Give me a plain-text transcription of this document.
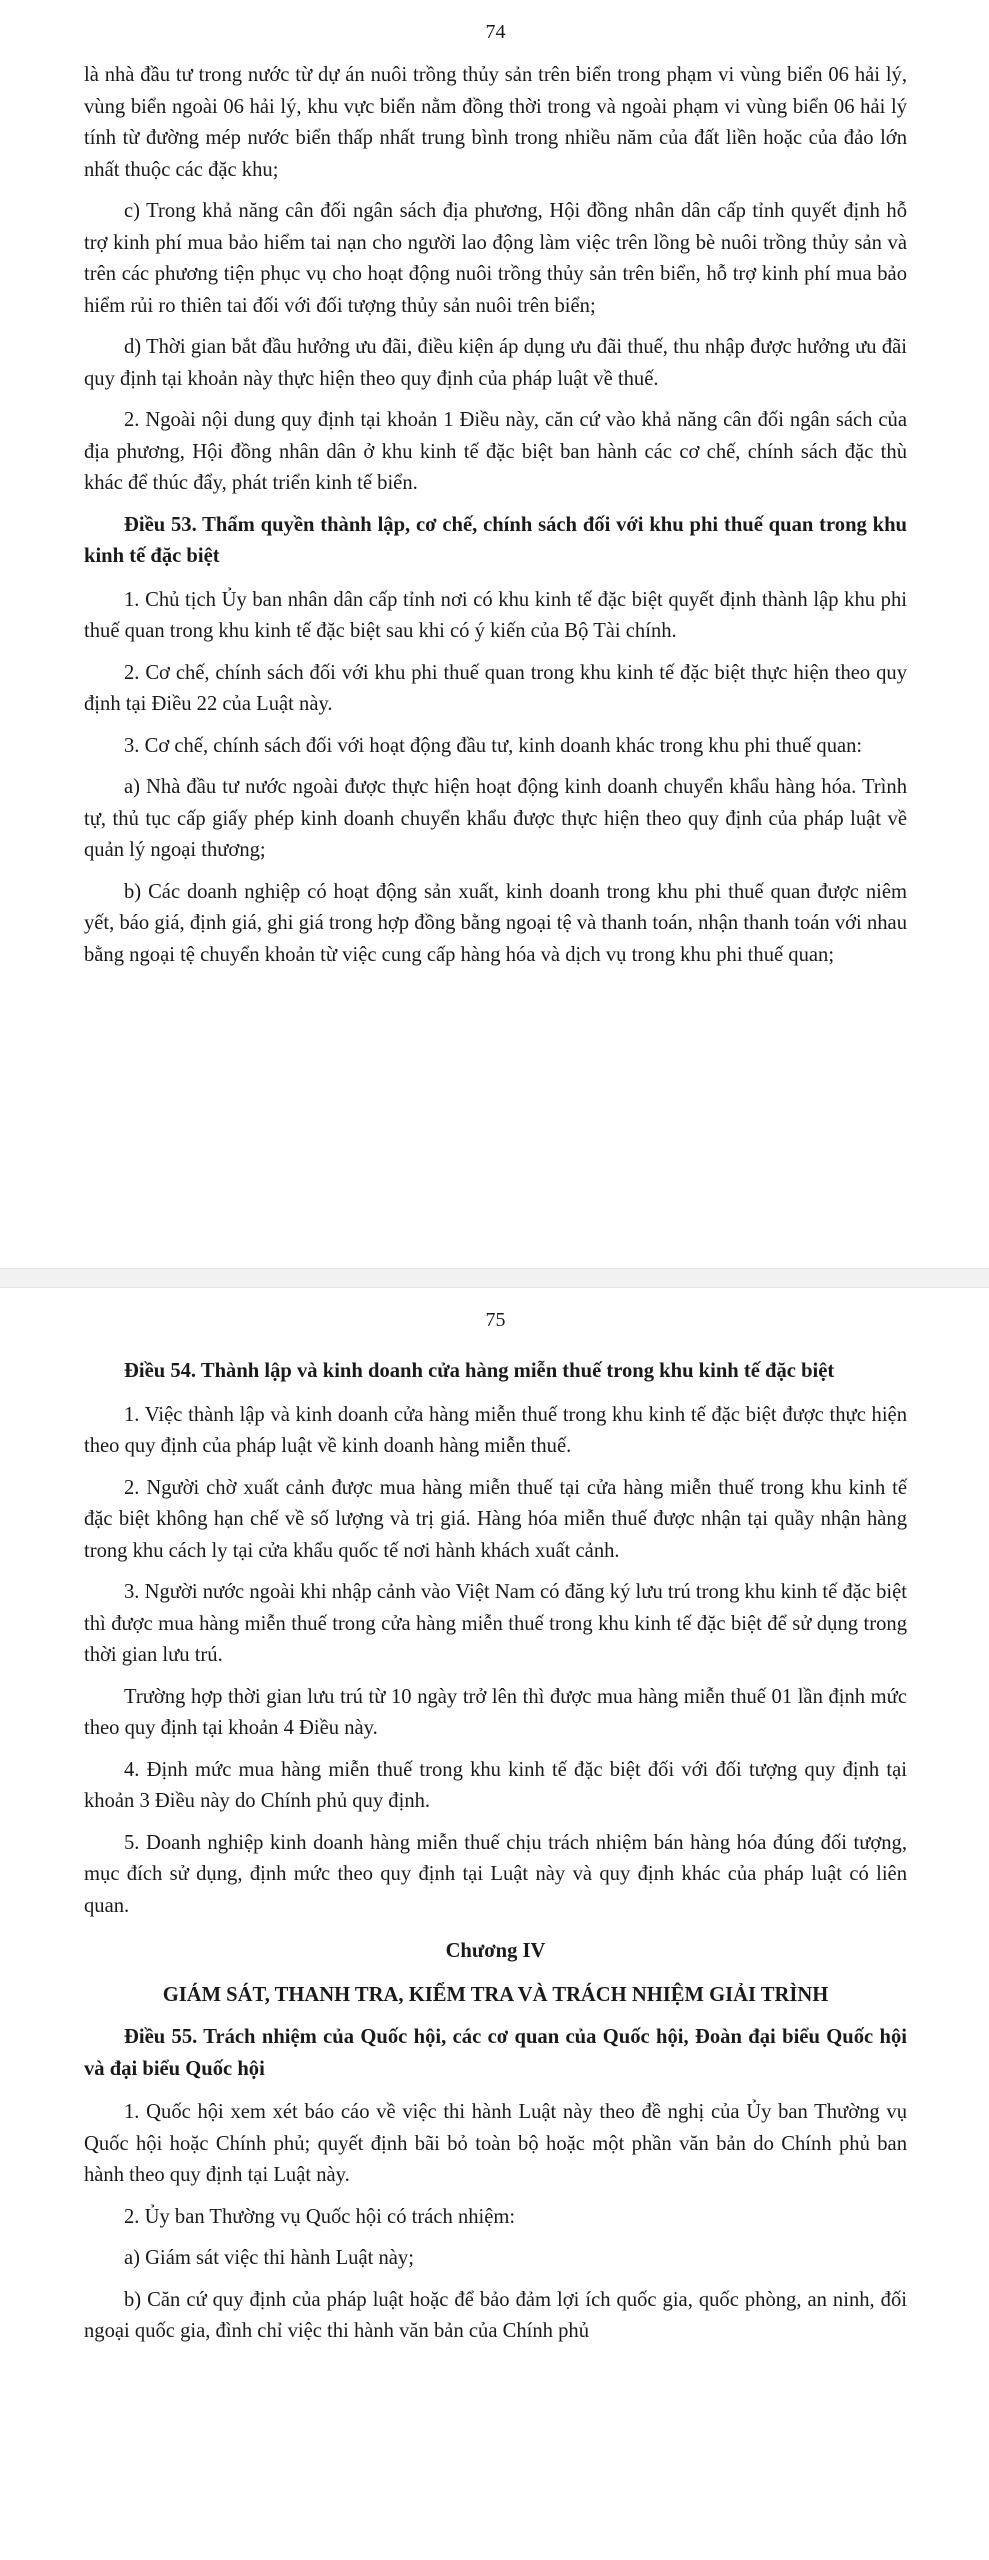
74

là nhà đầu tư trong nước từ dự án nuôi trồng thủy sản trên biển trong phạm vi vùng biển 06 hải lý, vùng biển ngoài 06 hải lý, khu vực biển nằm đồng thời trong và ngoài phạm vi vùng biển 06 hải lý tính từ đường mép nước biển thấp nhất trung bình trong nhiều năm của đất liền hoặc của đảo lớn nhất thuộc các đặc khu;

c) Trong khả năng cân đối ngân sách địa phương, Hội đồng nhân dân cấp tỉnh quyết định hỗ trợ kinh phí mua bảo hiểm tai nạn cho người lao động làm việc trên lồng bè nuôi trồng thủy sản và trên các phương tiện phục vụ cho hoạt động nuôi trồng thủy sản trên biển, hỗ trợ kinh phí mua bảo hiểm rủi ro thiên tai đối với đối tượng thủy sản nuôi trên biển;

d) Thời gian bắt đầu hưởng ưu đãi, điều kiện áp dụng ưu đãi thuế, thu nhập được hưởng ưu đãi quy định tại khoản này thực hiện theo quy định của pháp luật về thuế.

2. Ngoài nội dung quy định tại khoản 1 Điều này, căn cứ vào khả năng cân đối ngân sách của địa phương, Hội đồng nhân dân ở khu kinh tế đặc biệt ban hành các cơ chế, chính sách đặc thù khác để thúc đẩy, phát triển kinh tế biển.

Điều 53. Thẩm quyền thành lập, cơ chế, chính sách đối với khu phi thuế quan trong khu kinh tế đặc biệt

1. Chủ tịch Ủy ban nhân dân cấp tỉnh nơi có khu kinh tế đặc biệt quyết định thành lập khu phi thuế quan trong khu kinh tế đặc biệt sau khi có ý kiến của Bộ Tài chính.

2. Cơ chế, chính sách đối với khu phi thuế quan trong khu kinh tế đặc biệt thực hiện theo quy định tại Điều 22 của Luật này.

3. Cơ chế, chính sách đối với hoạt động đầu tư, kinh doanh khác trong khu phi thuế quan:

a) Nhà đầu tư nước ngoài được thực hiện hoạt động kinh doanh chuyển khẩu hàng hóa. Trình tự, thủ tục cấp giấy phép kinh doanh chuyển khẩu được thực hiện theo quy định của pháp luật về quản lý ngoại thương;

b) Các doanh nghiệp có hoạt động sản xuất, kinh doanh trong khu phi thuế quan được niêm yết, báo giá, định giá, ghi giá trong hợp đồng bằng ngoại tệ và thanh toán, nhận thanh toán với nhau bằng ngoại tệ chuyển khoản từ việc cung cấp hàng hóa và dịch vụ trong khu phi thuế quan;

75

Điều 54. Thành lập và kinh doanh cửa hàng miễn thuế trong khu kinh tế đặc biệt

1. Việc thành lập và kinh doanh cửa hàng miễn thuế trong khu kinh tế đặc biệt được thực hiện theo quy định của pháp luật về kinh doanh hàng miễn thuế.

2. Người chờ xuất cảnh được mua hàng miễn thuế tại cửa hàng miễn thuế trong khu kinh tế đặc biệt không hạn chế về số lượng và trị giá. Hàng hóa miễn thuế được nhận tại quầy nhận hàng trong khu cách ly tại cửa khẩu quốc tế nơi hành khách xuất cảnh.

3. Người nước ngoài khi nhập cảnh vào Việt Nam có đăng ký lưu trú trong khu kinh tế đặc biệt thì được mua hàng miễn thuế trong cửa hàng miễn thuế trong khu kinh tế đặc biệt để sử dụng trong thời gian lưu trú.

Trường hợp thời gian lưu trú từ 10 ngày trở lên thì được mua hàng miễn thuế 01 lần định mức theo quy định tại khoản 4 Điều này.

4. Định mức mua hàng miễn thuế trong khu kinh tế đặc biệt đối với đối tượng quy định tại khoản 3 Điều này do Chính phủ quy định.

5. Doanh nghiệp kinh doanh hàng miễn thuế chịu trách nhiệm bán hàng hóa đúng đối tượng, mục đích sử dụng, định mức theo quy định tại Luật này và quy định khác của pháp luật có liên quan.

Chương IV

GIÁM SÁT, THANH TRA, KIỂM TRA VÀ TRÁCH NHIỆM GIẢI TRÌNH

Điều 55. Trách nhiệm của Quốc hội, các cơ quan của Quốc hội, Đoàn đại biểu Quốc hội và đại biểu Quốc hội

1. Quốc hội xem xét báo cáo về việc thi hành Luật này theo đề nghị của Ủy ban Thường vụ Quốc hội hoặc Chính phủ; quyết định bãi bỏ toàn bộ hoặc một phần văn bản do Chính phủ ban hành theo quy định tại Luật này.

2. Ủy ban Thường vụ Quốc hội có trách nhiệm:

a) Giám sát việc thi hành Luật này;

b) Căn cứ quy định của pháp luật hoặc để bảo đảm lợi ích quốc gia, quốc phòng, an ninh, đối ngoại quốc gia, đình chỉ việc thi hành văn bản của Chính phủ
